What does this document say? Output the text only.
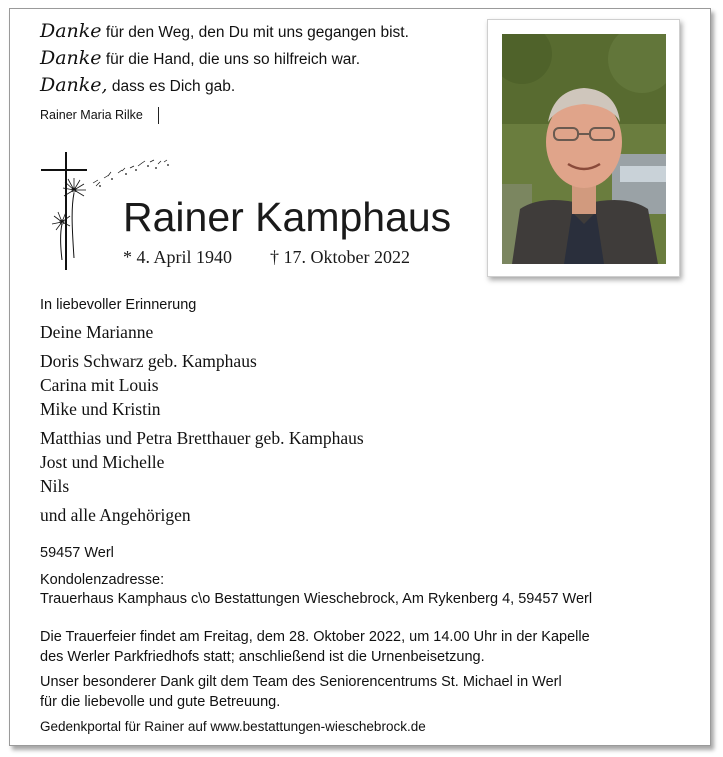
Danke für den Weg, den Du mit uns gegangen bist.
Danke für die Hand, die uns so hilfreich war.
Danke, dass es Dich gab.
Rainer Maria Rilke
Rainer Kamphaus
* 4. April 1940 † 17. Oktober 2022
In liebevoller Erinnerung
Deine Marianne
Doris Schwarz geb. Kamphaus
Carina mit Louis
Mike und Kristin
Matthias und Petra Bretthauer geb. Kamphaus
Jost und Michelle
Nils
und alle Angehörigen
59457 Werl
Kondolenzadresse:
Trauerhaus Kamphaus c\o Bestattungen Wieschebrock, Am Rykenberg 4, 59457 Werl
Die Trauerfeier findet am Freitag, dem 28. Oktober 2022, um 14.00 Uhr in der Kapelle
des Werler Parkfriedhofs statt; anschließend ist die Urnenbeisetzung.
Unser besonderer Dank gilt dem Team des Seniorencentrums St. Michael in Werl
für die liebevolle und gute Betreuung.
Gedenkportal für Rainer auf www.bestattungen-wieschebrock.de
